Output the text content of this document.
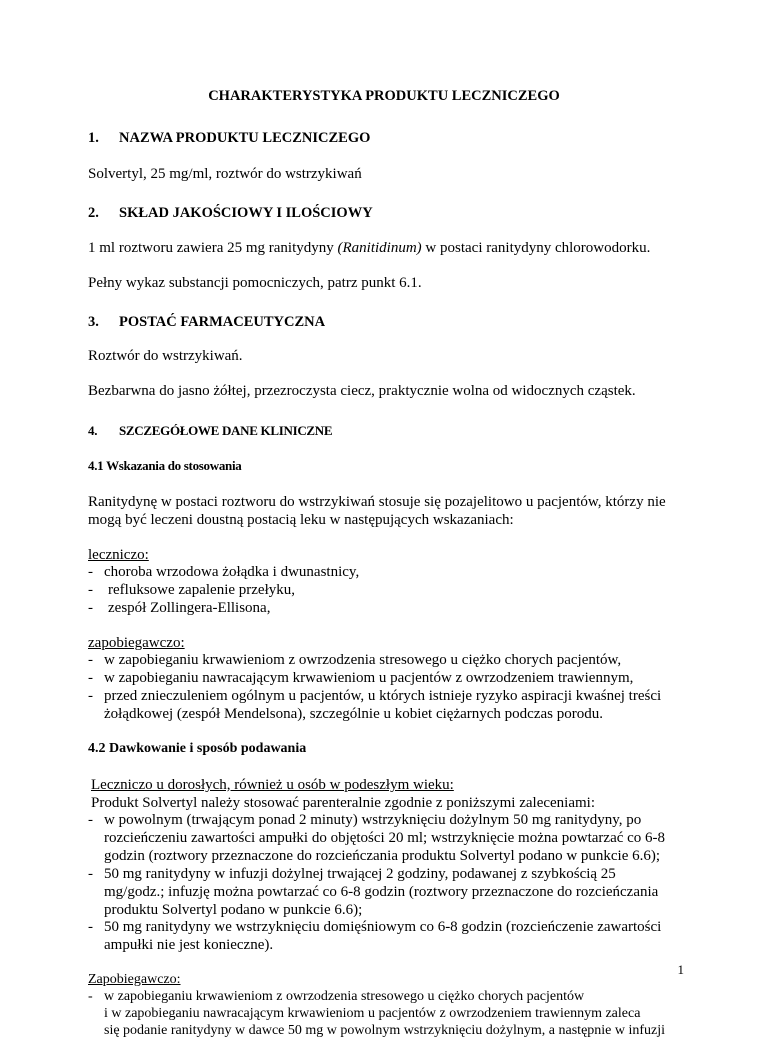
CHARAKTERYSTYKA PRODUKTU LECZNICZEGO
1. NAZWA PRODUKTU LECZNICZEGO
Solvertyl, 25 mg/ml, roztwór do wstrzykiwań
2. SKŁAD JAKOŚCIOWY I ILOŚCIOWY
1 ml roztworu zawiera 25 mg ranitydyny (Ranitidinum) w postaci ranitydyny chlorowodorku.
Pełny wykaz substancji pomocniczych, patrz punkt 6.1.
3. POSTAĆ FARMACEUTYCZNA
Roztwór do wstrzykiwań.
Bezbarwna do jasno żółtej, przezroczysta ciecz, praktycznie wolna od widocznych cząstek.
4. SZCZEGÓŁOWE DANE KLINICZNE
4.1 Wskazania do stosowania
Ranitydynę w postaci roztworu do wstrzykiwań stosuje się pozajelitowo u pacjentów, którzy nie
mogą być leczeni doustną postacią leku w następujących wskazaniach:
leczniczo:
- choroba wrzodowa żołądka i dwunastnicy,
- refluksowe zapalenie przełyku,
- zespół Zollingera-Ellisona,
zapobiegawczo:
- w zapobieganiu krwawieniom z owrzodzenia stresowego u ciężko chorych pacjentów,
- w zapobieganiu nawracającym krwawieniom u pacjentów z owrzodzeniem trawiennym,
- przed znieczuleniem ogólnym u pacjentów, u których istnieje ryzyko aspiracji kwaśnej treści
żołądkowej (zespół Mendelsona), szczególnie u kobiet ciężarnych podczas porodu.
4.2 Dawkowanie i sposób podawania
Leczniczo u dorosłych, również u osób w podeszłym wieku:
Produkt Solvertyl należy stosować parenteralnie zgodnie z poniższymi zaleceniami:
- w powolnym (trwającym ponad 2 minuty) wstrzyknięciu dożylnym 50 mg ranitydyny, po
rozcieńczeniu zawartości ampułki do objętości 20 ml; wstrzyknięcie można powtarzać co 6-8
godzin (roztwory przeznaczone do rozcieńczania produktu Solvertyl podano w punkcie 6.6);
- 50 mg ranitydyny w infuzji dożylnej trwającej 2 godziny, podawanej z szybkością 25
mg/godz.; infuzję można powtarzać co 6-8 godzin (roztwory przeznaczone do rozcieńczania
produktu Solvertyl podano w punkcie 6.6);
- 50 mg ranitydyny we wstrzyknięciu domięśniowym co 6-8 godzin (rozcieńczenie zawartości
ampułki nie jest konieczne).
Zapobiegawczo:
- w zapobieganiu krwawieniom z owrzodzenia stresowego u ciężko chorych pacjentów
i w zapobieganiu nawracającym krwawieniom u pacjentów z owrzodzeniem trawiennym zaleca
się podanie ranitydyny w dawce 50 mg w powolnym wstrzyknięciu dożylnym, a następnie w infuzji
1
